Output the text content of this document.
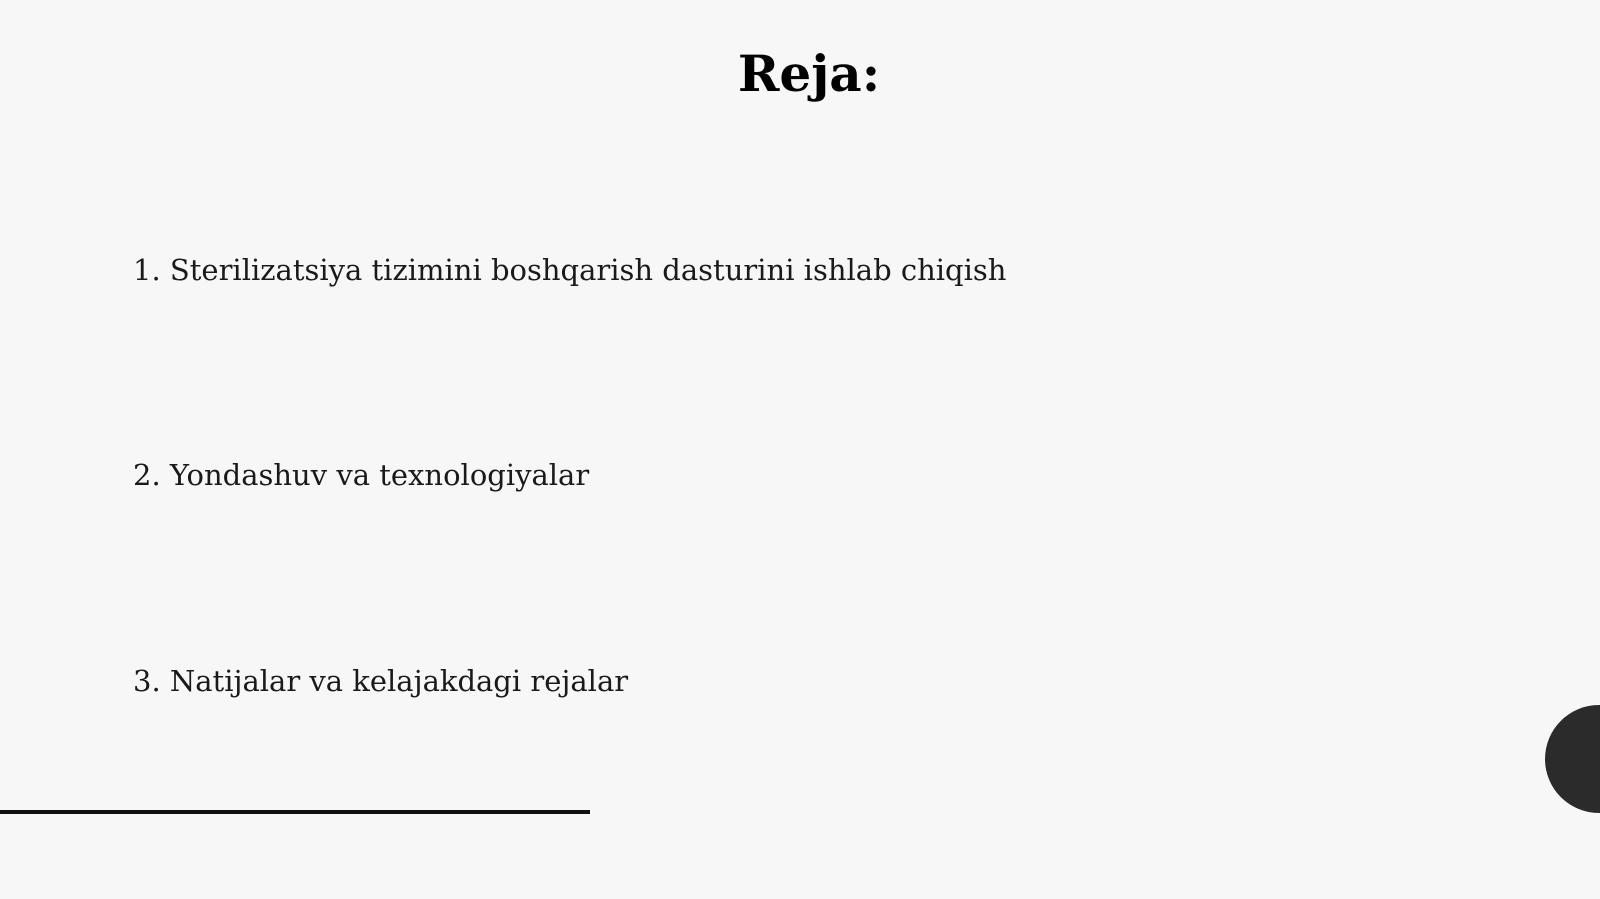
Reja:
1. Sterilizatsiya tizimini boshqarish dasturini ishlab chiqish
2. Yondashuv va texnologiyalar
3. Natijalar va kelajakdagi rejalar
